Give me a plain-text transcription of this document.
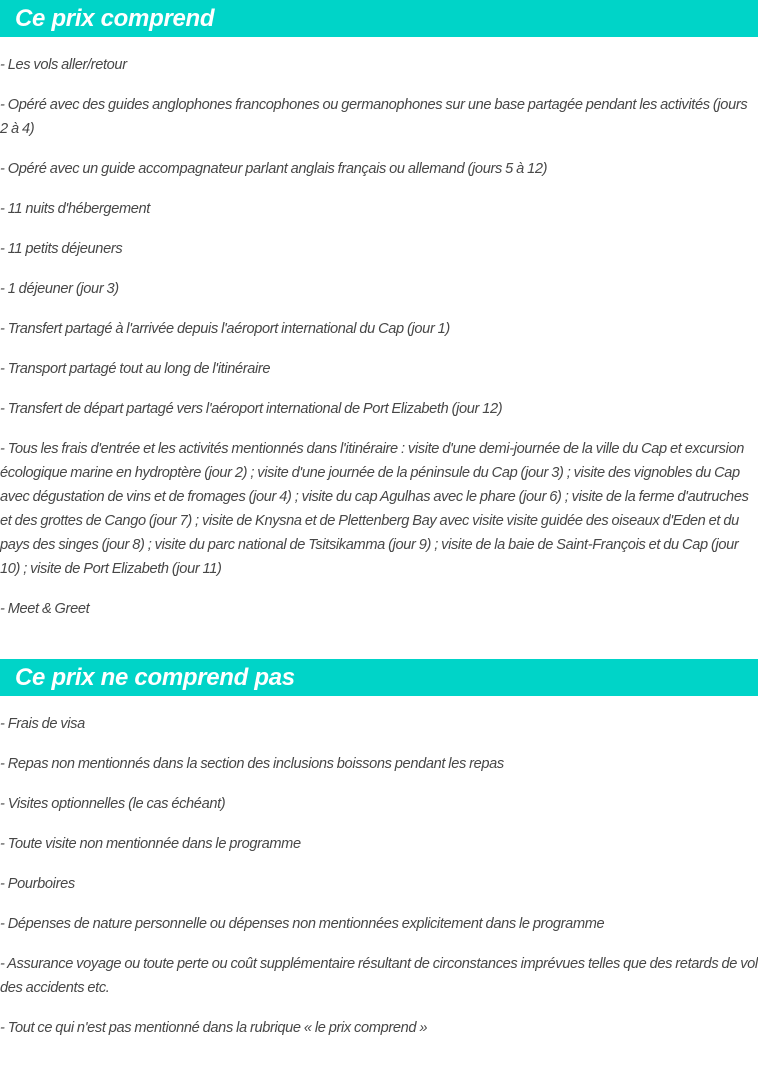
Ce prix comprend
- Les vols aller/retour
- Opéré avec des guides anglophones francophones ou germanophones sur une base partagée pendant les activités (jours 2 à 4)
- Opéré avec un guide accompagnateur parlant anglais français ou allemand (jours 5 à 12)
- 11 nuits d'hébergement
- 11 petits déjeuners
- 1 déjeuner (jour 3)
- Transfert partagé à l'arrivée depuis l'aéroport international du Cap (jour 1)
- Transport partagé tout au long de l'itinéraire
- Transfert de départ partagé vers l'aéroport international de Port Elizabeth (jour 12)
- Tous les frais d'entrée et les activités mentionnés dans l'itinéraire : visite d'une demi-journée de la ville du Cap et excursion écologique marine en hydroptère (jour 2) ; visite d'une journée de la péninsule du Cap (jour 3) ; visite des vignobles du Cap avec dégustation de vins et de fromages (jour 4) ; visite du cap Agulhas avec le phare (jour 6) ; visite de la ferme d'autruches et des grottes de Cango (jour 7) ; visite de Knysna et de Plettenberg Bay avec visite visite guidée des oiseaux d'Eden et du pays des singes (jour 8) ; visite du parc national de Tsitsikamma (jour 9) ; visite de la baie de Saint-François et du Cap (jour 10) ; visite de Port Elizabeth (jour 11)
- Meet & Greet
Ce prix ne comprend pas
- Frais de visa
- Repas non mentionnés dans la section des inclusions boissons pendant les repas
- Visites optionnelles (le cas échéant)
- Toute visite non mentionnée dans le programme
- Pourboires
- Dépenses de nature personnelle ou dépenses non mentionnées explicitement dans le programme
- Assurance voyage ou toute perte ou coût supplémentaire résultant de circonstances imprévues telles que des retards de vol des accidents etc.
- Tout ce qui n'est pas mentionné dans la rubrique « le prix comprend »
